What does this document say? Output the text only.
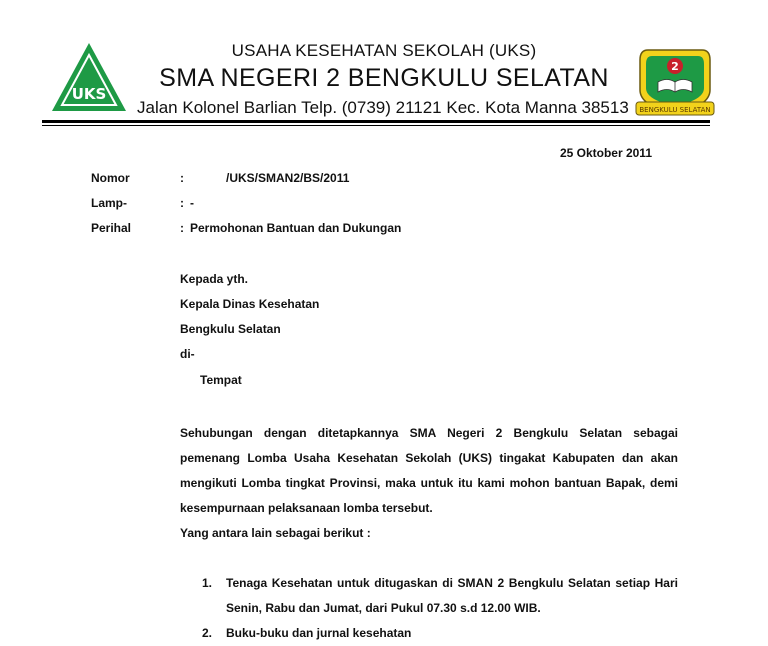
UKS
2
BENGKULU SELATAN
USAHA KESEHATAN SEKOLAH (UKS)
SMA NEGERI 2 BENGKULU SELATAN
Jalan Kolonel Barlian Telp. (0739) 21121 Kec. Kota Manna 38513
25 Oktober 2011
Nomor	:	/UKS/SMAN2/BS/2011
Lamp-	: -
Perihal	: Permohonan Bantuan dan Dukungan
Kepada yth.
Kepala Dinas Kesehatan
Bengkulu Selatan
di-
Tempat
Sehubungan dengan ditetapkannya SMA Negeri 2 Bengkulu Selatan sebagai pemenang Lomba Usaha Kesehatan Sekolah (UKS) tingakat Kabupaten dan akan mengikuti Lomba tingkat Provinsi, maka untuk itu kami mohon bantuan Bapak, demi kesempurnaan pelaksanaan lomba tersebut.
Yang antara lain sebagai berikut :
1. Tenaga Kesehatan untuk ditugaskan di SMAN 2 Bengkulu Selatan setiap Hari Senin, Rabu dan Jumat, dari Pukul 07.30 s.d 12.00 WIB.
2. Buku-buku dan jurnal kesehatan
